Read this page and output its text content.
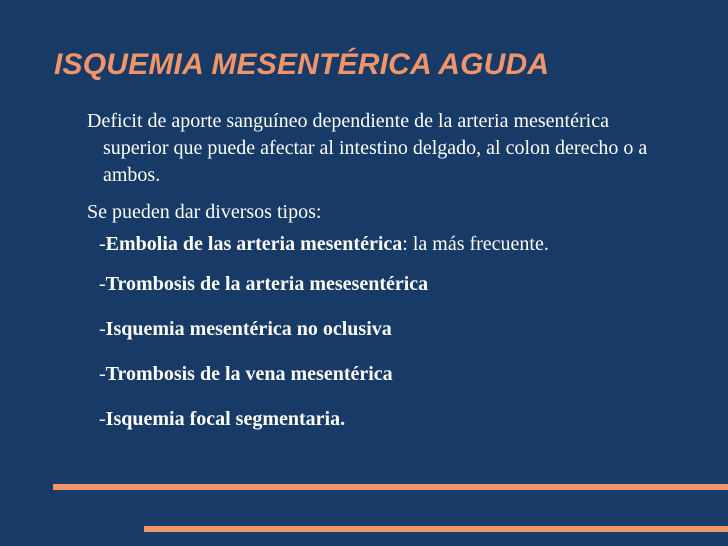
ISQUEMIA MESENTÉRICA AGUDA

Deficit de aporte sanguíneo dependiente de la arteria mesentérica superior que puede afectar al intestino delgado, al colon derecho o a ambos.

Se pueden dar diversos tipos:

-Embolia de las arteria mesentérica: la más frecuente.

-Trombosis de la arteria mesesentérica

-Isquemia mesentérica no oclusiva

-Trombosis de la vena mesentérica

-Isquemia focal segmentaria.
